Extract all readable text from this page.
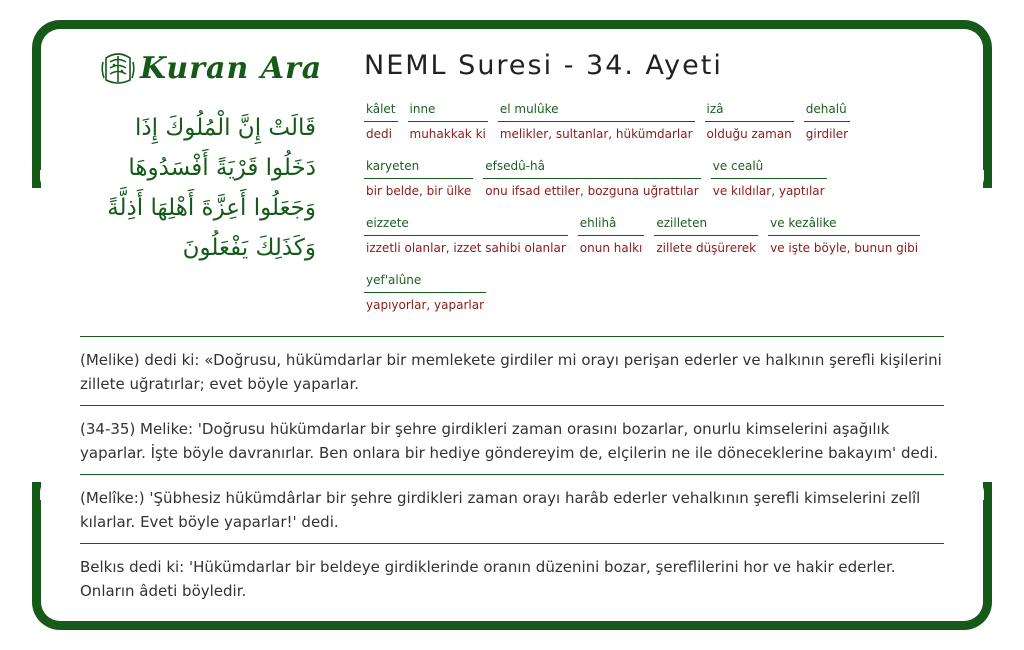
Kuran Ara
قَالَتْ إِنَّ الْمُلُوكَ إِذَا
دَخَلُوا قَرْيَةً أَفْسَدُوهَا
وَجَعَلُوا أَعِزَّةَ أَهْلِهَا أَذِلَّةً
وَكَذَلِكَ يَفْعَلُونَ
NEML Suresi - 34. Ayeti
kâlet
dedi
inne
muhakkak ki
el mulûke
melikler, sultanlar, hükümdarlar
izâ
olduğu zaman
dehalû
girdiler
karyeten
bir belde, bir ülke
efsedû-hâ
onu ifsad ettiler, bozguna uğrattılar
ve cealû
ve kıldılar, yaptılar
eizzete
izzetli olanlar, izzet sahibi olanlar
ehlihâ
onun halkı
ezilleten
zillete düşürerek
ve kezâlike
ve işte böyle, bunun gibi
yef'alûne
yapıyorlar, yaparlar

(Melike) dedi ki: «Doğrusu, hükümdarlar bir memlekete girdiler mi orayı perişan ederler ve halkının şerefli kişilerini zillete uğratırlar; evet böyle yaparlar.

(34-35) Melike: 'Doğrusu hükümdarlar bir şehre girdikleri zaman orasını bozarlar, onurlu kimselerini aşağılık yaparlar. İşte böyle davranırlar. Ben onlara bir hediye göndereyim de, elçilerin ne ile döneceklerine bakayım' dedi.

(Melîke:) 'Şübhesiz hükümdârlar bir şehre girdikleri zaman orayı harâb ederler vehalkının şerefli kimselerini zelîl kılarlar. Evet böyle yaparlar!' dedi.

Belkıs dedi ki: 'Hükümdarlar bir beldeye girdiklerinde oranın düzenini bozar, şereflilerini hor ve hakir ederler. Onların âdeti böyledir.
